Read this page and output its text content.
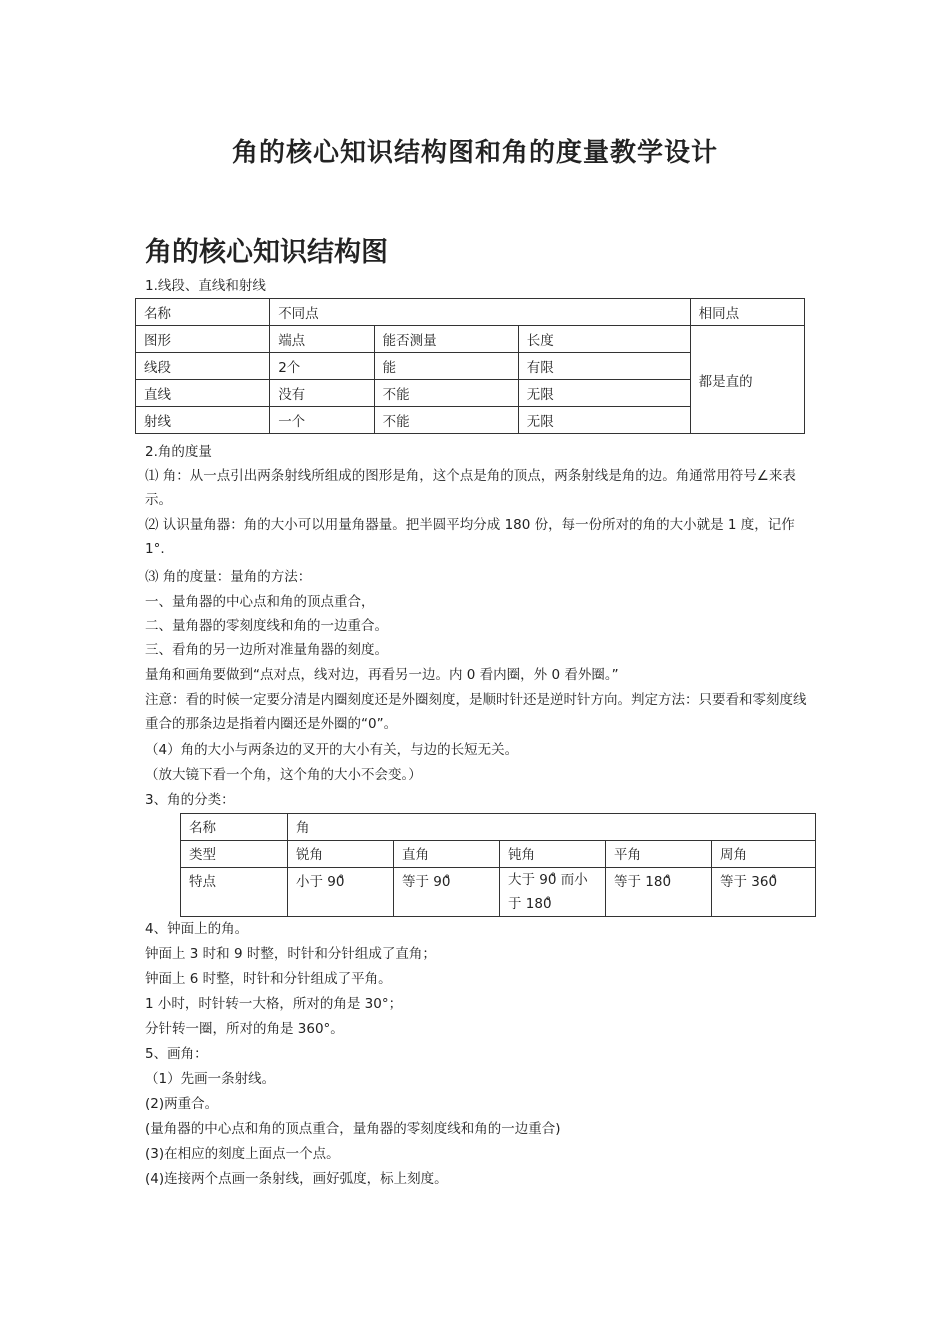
角的核心知识结构图和角的度量教学设计
角的核心知识结构图

1.线段、直线和射线

名称	不同点			相同点
图形	端点	能否测量	长度	都是直的
线段	2个	能	有限	
直线	没有	不能	无限	
射线	一个	不能	无限	

2.角的度量

⑴ 角：从一点引出两条射线所组成的图形是角，这个点是角的顶点，两条射线是角的边。角通常用符号∠来表示。

⑵ 认识量角器：角的大小可以用量角器量。把半圆平均分成 180 份，每一份所对的角的大小就是 1 度，记作 1°.

⑶ 角的度量：量角的方法：

一、量角器的中心点和角的顶点重合，

二、量角器的零刻度线和角的一边重合。

三、看角的另一边所对准量角器的刻度。

量角和画角要做到“点对点，线对边，再看另一边。内 0 看内圈，外 0 看外圈。”

注意：看的时候一定要分清是内圈刻度还是外圈刻度，是顺时针还是逆时针方向。判定方法：只要看和零刻度线重合的那条边是指着内圈还是外圈的“0”。

（4）角的大小与两条边的叉开的大小有关，与边的长短无关。

（放大镜下看一个角，这个角的大小不会变。）

3、角的分类：

名称	角				
类型	锐角	直角	钝角	平角	周角
特点	小于 90̊	等于 90̊	大于 90̊ 而小于 180̊	等于 180̊	等于 360̊

4、钟面上的角。

钟面上 3 时和 9 时整，时针和分针组成了直角；

钟面上 6 时整，时针和分针组成了平角。

1 小时，时针转一大格，所对的角是 30°；

分针转一圈，所对的角是 360°。

5、画角：

（1）先画一条射线。

(2)两重合。

(量角器的中心点和角的顶点重合，量角器的零刻度线和角的一边重合)

(3)在相应的刻度上面点一个点。

(4)连接两个点画一条射线，画好弧度，标上刻度。
